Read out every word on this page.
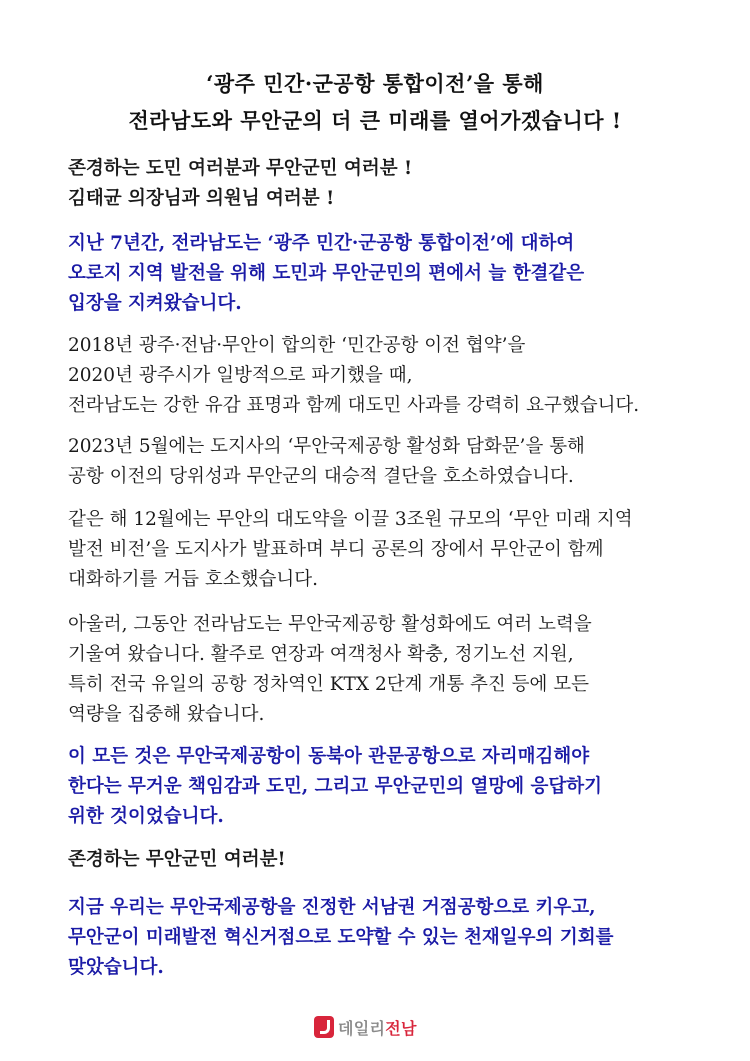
‘광주 민간·군공항 통합이전’을 통해
전라남도와 무안군의 더 큰 미래를 열어가겠습니다 !
존경하는 도민 여러분과 무안군민 여러분 !
김태균 의장님과 의원님 여러분 !
지난 7년간, 전라남도는 ‘광주 민간·군공항 통합이전’에 대하여
오로지 지역 발전을 위해 도민과 무안군민의 편에서 늘 한결같은
입장을 지켜왔습니다.
2018년 광주·전남·무안이 합의한 ‘민간공항 이전 협약’을
2020년 광주시가 일방적으로 파기했을 때,
전라남도는 강한 유감 표명과 함께 대도민 사과를 강력히 요구했습니다.
2023년 5월에는 도지사의 ‘무안국제공항 활성화 담화문’을 통해
공항 이전의 당위성과 무안군의 대승적 결단을 호소하였습니다.
같은 해 12월에는 무안의 대도약을 이끌 3조원 규모의 ‘무안 미래 지역
발전 비전’을 도지사가 발표하며 부디 공론의 장에서 무안군이 함께
대화하기를 거듭 호소했습니다.
아울러, 그동안 전라남도는 무안국제공항 활성화에도 여러 노력을
기울여 왔습니다. 활주로 연장과 여객청사 확충, 정기노선 지원,
특히 전국 유일의 공항 정차역인 KTX 2단계 개통 추진 등에 모든
역량을 집중해 왔습니다.
이 모든 것은 무안국제공항이 동북아 관문공항으로 자리매김해야
한다는 무거운 책임감과 도민, 그리고 무안군민의 열망에 응답하기
위한 것이었습니다.
존경하는 무안군민 여러분!
지금 우리는 무안국제공항을 진정한 서남권 거점공항으로 키우고,
무안군이 미래발전 혁신거점으로 도약할 수 있는 천재일우의 기회를
맞았습니다.
데일리전남
